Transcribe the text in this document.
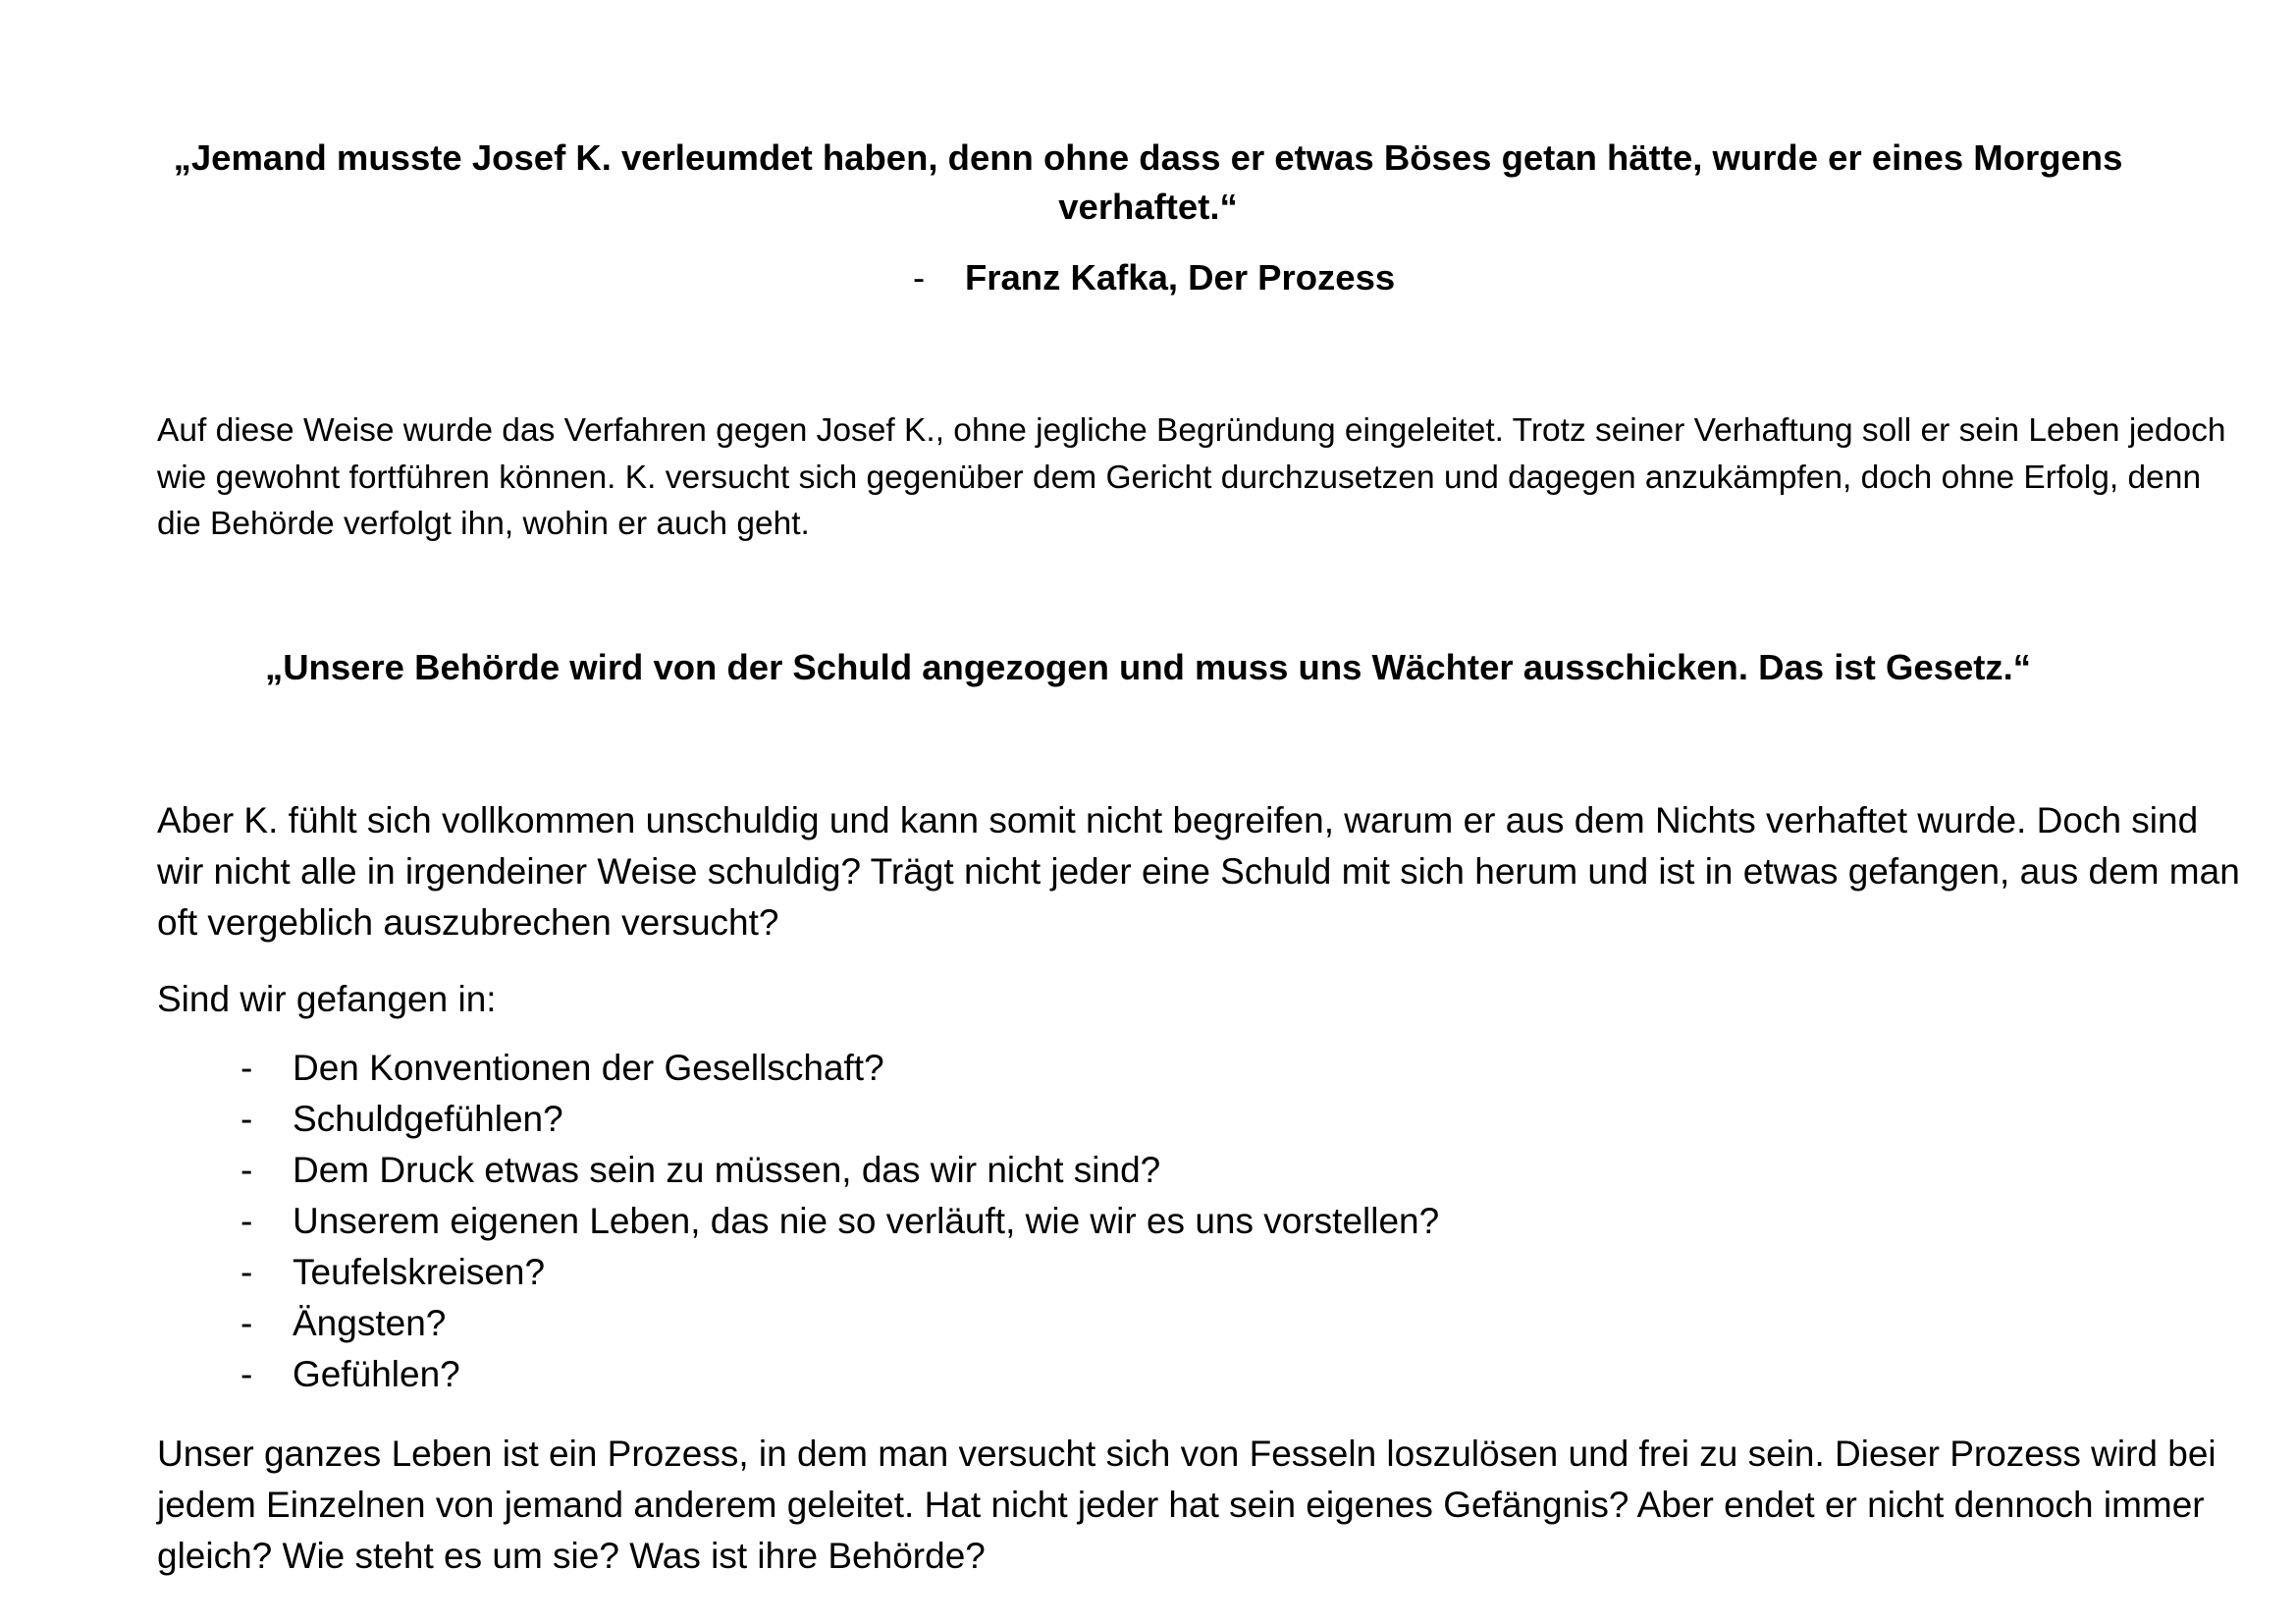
„Jemand musste Josef K. verleumdet haben, denn ohne dass er etwas Böses getan hätte, wurde er eines Morgens verhaftet.“

- Franz Kafka, Der Prozess

Auf diese Weise wurde das Verfahren gegen Josef K., ohne jegliche Begründung eingeleitet. Trotz seiner Verhaftung soll er sein Leben jedoch wie gewohnt fortführen können. K. versucht sich gegenüber dem Gericht durchzusetzen und dagegen anzukämpfen, doch ohne Erfolg, denn die Behörde verfolgt ihn, wohin er auch geht.

„Unsere Behörde wird von der Schuld angezogen und muss uns Wächter ausschicken. Das ist Gesetz.“

Aber K. fühlt sich vollkommen unschuldig und kann somit nicht begreifen, warum er aus dem Nichts verhaftet wurde. Doch sind wir nicht alle in irgendeiner Weise schuldig? Trägt nicht jeder eine Schuld mit sich herum und ist in etwas gefangen, aus dem man oft vergeblich auszubrechen versucht?

Sind wir gefangen in:

- Den Konventionen der Gesellschaft?
- Schuldgefühlen?
- Dem Druck etwas sein zu müssen, das wir nicht sind?
- Unserem eigenen Leben, das nie so verläuft, wie wir es uns vorstellen?
- Teufelskreisen?
- Ängsten?
- Gefühlen?

Unser ganzes Leben ist ein Prozess, in dem man versucht sich von Fesseln loszulösen und frei zu sein. Dieser Prozess wird bei jedem Einzelnen von jemand anderem geleitet. Hat nicht jeder hat sein eigenes Gefängnis? Aber endet er nicht dennoch immer gleich? Wie steht es um sie? Was ist ihre Behörde?
